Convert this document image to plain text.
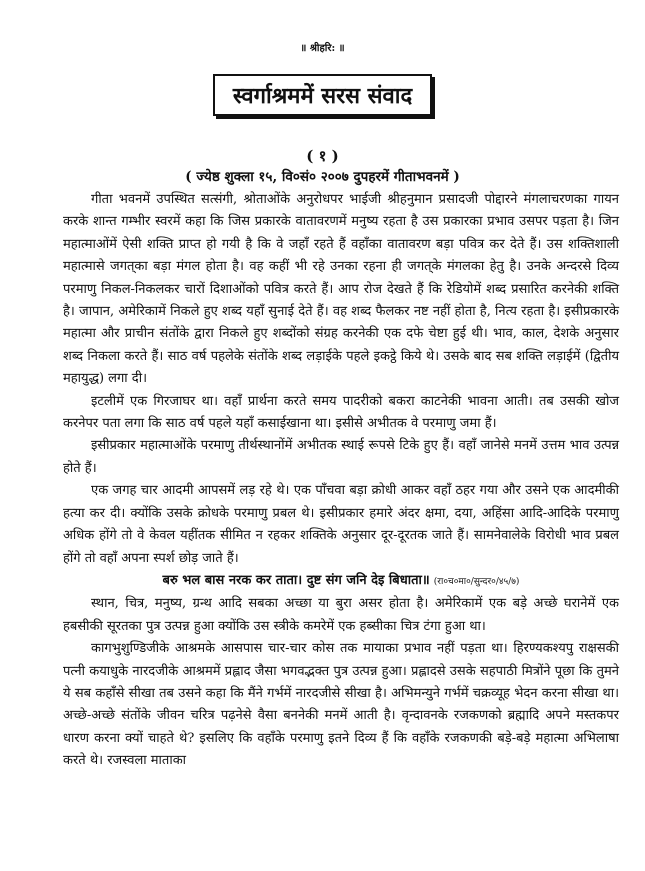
॥ श्रीहरि: ॥
स्वर्गाश्रममें सरस संवाद
( १ )
( ज्येष्ठ शुक्ला १५, वि०सं० २००७ दुपहरमें गीताभवनमें )

गीता भवनमें उपस्थित सत्संगी, श्रोताओंके अनुरोधपर भाईजी श्रीहनुमान प्रसादजी पोद्दारने मंगलाचरणका गायन करके शान्त गम्भीर स्वरमें कहा कि जिस प्रकारके वातावरणमें मनुष्य रहता है उस प्रकारका प्रभाव उसपर पड़ता है। जिन महात्माओंमें ऐसी शक्ति प्राप्त हो गयी है कि वे जहाँ रहते हैं वहाँका वातावरण बड़ा पवित्र कर देते हैं। उस शक्तिशाली महात्मासे जगत्‌का बड़ा मंगल होता है। वह कहीं भी रहे उनका रहना ही जगत्‌के मंगलका हेतु है। उनके अन्दरसे दिव्य परमाणु निकल-निकलकर चारों दिशाओंको पवित्र करते हैं। आप रोज देखते हैं कि रेडियोमें शब्द प्रसारित करनेकी शक्ति है। जापान, अमेरिकामें निकले हुए शब्द यहाँ सुनाई देते हैं। वह शब्द फैलकर नष्ट नहीं होता है, नित्य रहता है। इसीप्रकारके महात्मा और प्राचीन संतोंके द्वारा निकले हुए शब्दोंको संग्रह करनेकी एक दफे चेष्टा हुई थी। भाव, काल, देशके अनुसार शब्द निकला करते हैं। साठ वर्ष पहलेके संतोंके शब्द लड़ाईके पहले इकट्ठे किये थे। उसके बाद सब शक्ति लड़ाईमें (द्वितीय महायुद्ध) लगा दी।

इटलीमें एक गिरजाघर था। वहाँ प्रार्थना करते समय पादरीको बकरा काटनेकी भावना आती। तब उसकी खोज करनेपर पता लगा कि साठ वर्ष पहले यहाँ कसाईखाना था। इसीसे अभीतक वे परमाणु जमा हैं।

इसीप्रकार महात्माओंके परमाणु तीर्थस्थानोंमें अभीतक स्थाई रूपसे टिके हुए हैं। वहाँ जानेसे मनमें उत्तम भाव उत्पन्न होते हैं।

एक जगह चार आदमी आपसमें लड़ रहे थे। एक पाँचवा बड़ा क्रोधी आकर वहाँ ठहर गया और उसने एक आदमीकी हत्या कर दी। क्योंकि उसके क्रोधके परमाणु प्रबल थे। इसीप्रकार हमारे अंदर क्षमा, दया, अहिंसा आदि-आदिके परमाणु अधिक होंगे तो वे केवल यहींतक सीमित न रहकर शक्तिके अनुसार दूर-दूरतक जाते हैं। सामनेवालेके विरोधी भाव प्रबल होंगे तो वहाँ अपना स्पर्श छोड़ जाते हैं।

बरु भल बास नरक कर ताता। दुष्ट संग जनि देइ बिधाता॥ (रा०च०मा०/सुन्दर०/४५/७)

स्थान, चित्र, मनुष्य, ग्रन्थ आदि सबका अच्छा या बुरा असर होता है। अमेरिकामें एक बड़े अच्छे घरानेमें एक हबसीकी सूरतका पुत्र उत्पन्न हुआ क्योंकि उस स्त्रीके कमरेमें एक हब्सीका चित्र टंगा हुआ था।

कागभुशुण्डिजीके आश्रमके आसपास चार-चार कोस तक मायाका प्रभाव नहीं पड़ता था। हिरण्यकश्यपु राक्षसकी पत्नी कयाधुके नारदजीके आश्रममें प्रह्लाद जैसा भगवद्भक्त पुत्र उत्पन्न हुआ। प्रह्लादसे उसके सहपाठी मित्रोंने पूछा कि तुमने ये सब कहाँसे सीखा तब उसने कहा कि मैंने गर्भमें नारदजीसे सीखा है। अभिमन्युने गर्भमें चक्रव्यूह भेदन करना सीखा था। अच्छे-अच्छे संतोंके जीवन चरित्र पढ़नेसे वैसा बननेकी मनमें आती है। वृन्दावनके रजकणको ब्रह्मादि अपने मस्तकपर धारण करना क्यों चाहते थे? इसलिए कि वहाँके परमाणु इतने दिव्य हैं कि वहाँके रजकणकी बड़े-बड़े महात्मा अभिलाषा करते थे। रजस्वला माताका
